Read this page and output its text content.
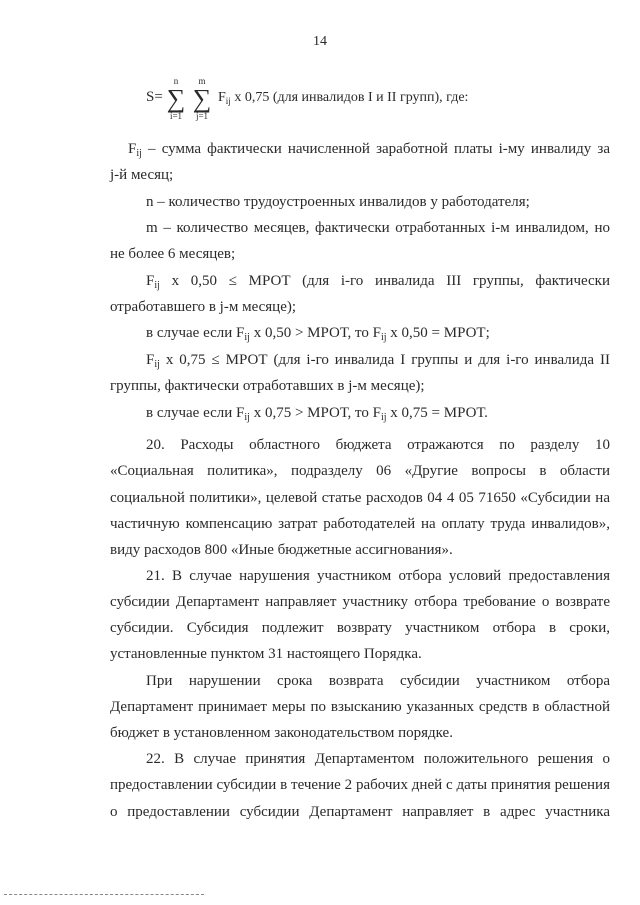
14
S=
n
∑
i=1
m
∑
j=1
$F_{ij}$ x 0,75 (для инвалидов I и II групп), где:
$F_{ij}$ – сумма фактически начисленной заработной платы i-му инвалиду за
j-й месяц;
n – количество трудоустроенных инвалидов у работодателя;
m – количество месяцев, фактически отработанных i-м инвалидом, но
не более 6 месяцев;
$F_{ij}$ x 0,50 ≤ МРОТ (для i-го инвалида III группы, фактически
отработавшего в j-м месяце);
в случае если $F_{ij}$ x 0,50 > МРОТ, то $F_{ij}$ x 0,50 = МРОТ;
$F_{ij}$ x 0,75 ≤ МРОТ (для i-го инвалида I группы и для i-го инвалида II
группы, фактически отработавших в j-м месяце);
в случае если $F_{ij}$ x 0,75 > МРОТ, то $F_{ij}$ x 0,75 = МРОТ.
20. Расходы областного бюджета отражаются по разделу 10
«Социальная политика», подразделу 06 «Другие вопросы в области
социальной политики», целевой статье расходов 04 4 05 71650 «Субсидии на
частичную компенсацию затрат работодателей на оплату труда инвалидов»,
виду расходов 800 «Иные бюджетные ассигнования».
21. В случае нарушения участником отбора условий предоставления
субсидии Департамент направляет участнику отбора требование о возврате
субсидии. Субсидия подлежит возврату участником отбора в сроки,
установленные пунктом 31 настоящего Порядка.
При нарушении срока возврата субсидии участником отбора
Департамент принимает меры по взысканию указанных средств в областной
бюджет в установленном законодательством порядке.
22. В случае принятия Департаментом положительного решения о
предоставлении субсидии в течение 2 рабочих дней с даты принятия решения
о предоставлении субсидии Департамент направляет в адрес участника
